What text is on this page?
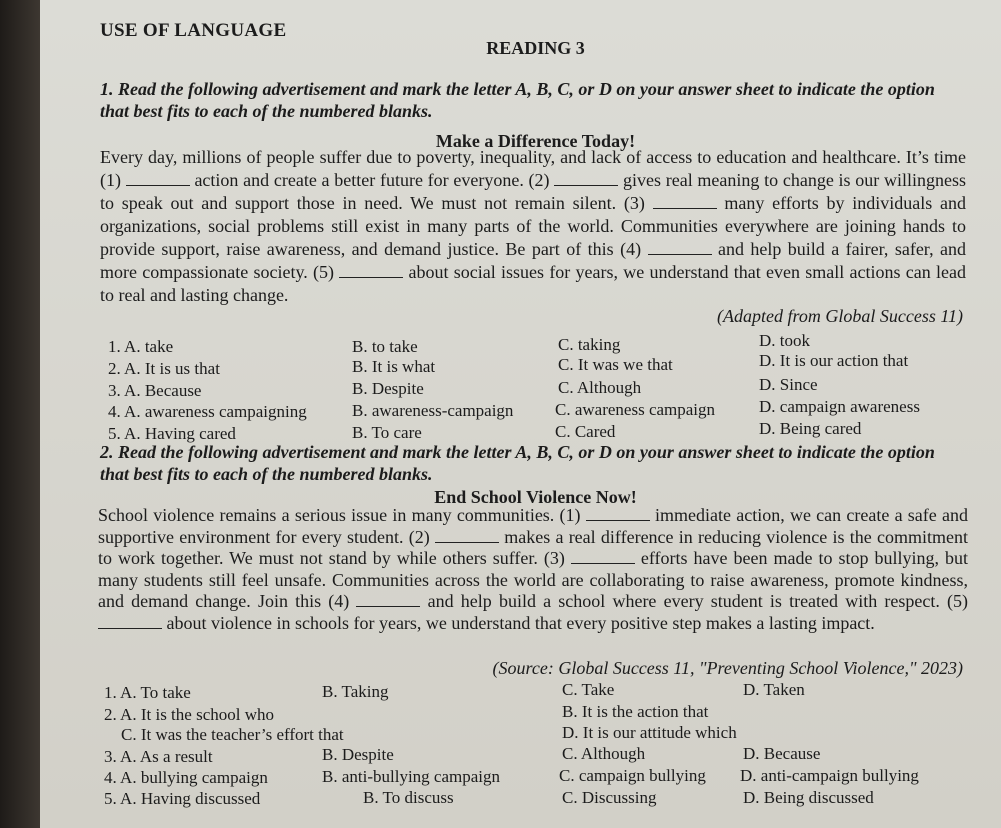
USE OF LANGUAGE
READING 3
1. Read the following advertisement and mark the letter A, B, C, or D on your answer sheet to indicate the option that best fits to each of the numbered blanks.
Make a Difference Today!
Every day, millions of people suffer due to poverty, inequality, and lack of access to education and healthcare. It’s time (1)	action and create a better future for everyone. (2)	gives real meaning to change is our willingness to speak out and support those in need. We must not remain silent. (3)	many efforts by individuals and organizations, social problems still exist in many parts of the world. Communities everywhere are joining hands to provide support, raise awareness, and demand justice. Be part of this (4)	and help build a fairer, safer, and more compassionate society. (5)	about social issues for years, we understand that even small actions can lead to real and lasting change.
(Adapted from Global Success 11)
1. A. take	B. to take	C. taking	D. took
2. A. It is us that	B. It is what	C. It was we that	D. It is our action that
3. A. Because	B. Despite	C. Although	D. Since
4. A. awareness campaigning	B. awareness-campaign C. awareness campaign	D. campaign awareness
5. A. Having cared	B. To care	C. Cared	D. Being cared
2. Read the following advertisement and mark the letter A, B, C, or D on your answer sheet to indicate the option that best fits to each of the numbered blanks.
End School Violence Now!
School violence remains a serious issue in many communities. (1)	immediate action, we can create a safe and supportive environment for every student. (2)	makes a real difference in reducing violence is the commitment to work together. We must not stand by while others suffer. (3)	efforts have been made to stop bullying, but many students still feel unsafe. Communities across the world are collaborating to raise awareness, promote kindness, and demand change. Join this (4)	and help build a school where every student is treated with respect. (5)  about violence in schools for years, we understand that every positive step makes a lasting impact.
(Source: Global Success 11, "Preventing School Violence," 2023)
1. A. To take	B. Taking	C. Take	D. Taken
2. A. It is the school who	B. It is the action that
C. It was the teacher’s effort that	D. It is our attitude which
3. A. As a result	B. Despite	C. Although	D. Because
4. A. bullying campaign	B. anti-bullying campaign	C. campaign bullying D. anti-campaign bullying
5. A. Having discussed	B. To discuss	C. Discussing	D. Being discussed
